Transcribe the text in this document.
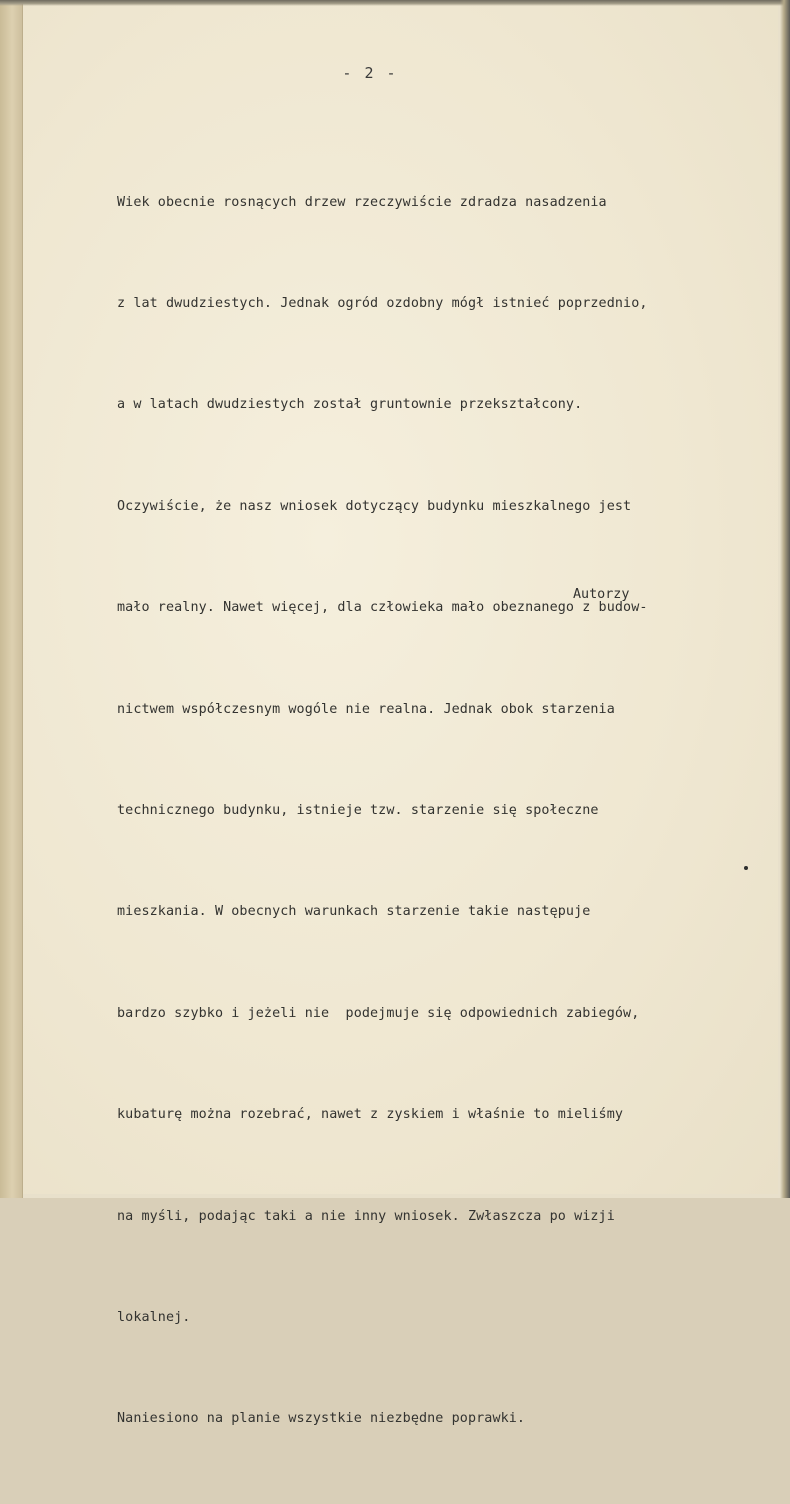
- 2 -

Wiek obecnie rosnących drzew rzeczywiście zdradza nasadzenia

z lat dwudziestych. Jednak ogród ozdobny mógł istnieć poprzednio,

a w latach dwudziestych został gruntownie przekształcony.

Oczywiście, że nasz wniosek dotyczący budynku mieszkalnego jest

mało realny. Nawet więcej, dla człowieka mało obeznanego z budow-

nictwem współczesnym wogóle nie realna. Jednak obok starzenia

technicznego budynku, istnieje tzw. starzenie się społeczne

mieszkania. W obecnych warunkach starzenie takie następuje

bardzo szybko i jeżeli nie  podejmuje się odpowiednich zabiegów,

kubaturę można rozebrać, nawet z zyskiem i właśnie to mieliśmy

na myśli, podając taki a nie inny wniosek. Zwłaszcza po wizji

lokalnej.

Naniesiono na planie wszystkie niezbędne poprawki.

Autorzy
